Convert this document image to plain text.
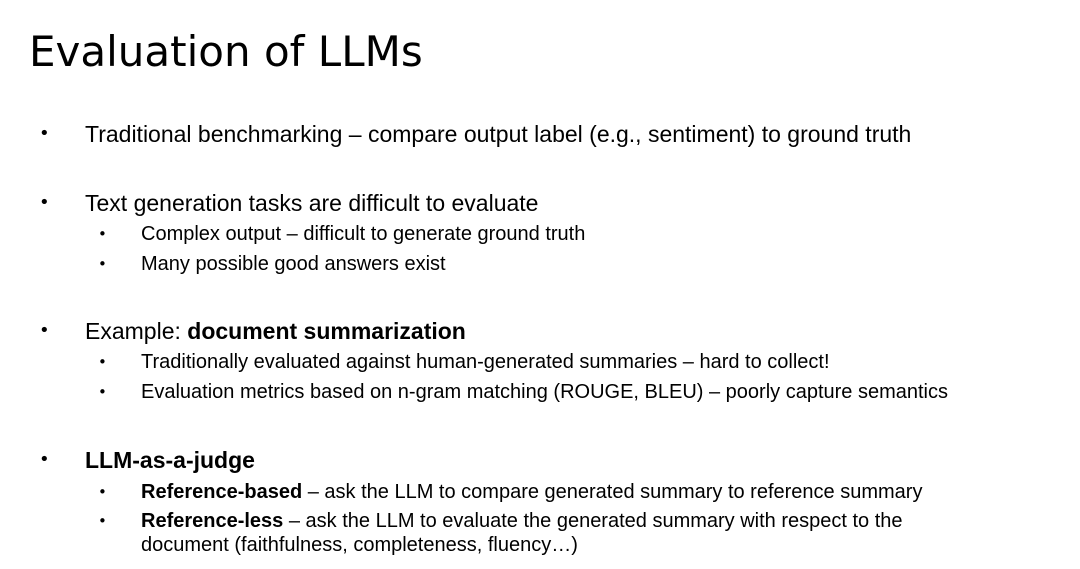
Evaluation of LLMs
• Traditional benchmarking – compare output label (e.g., sentiment) to ground truth
• Text generation tasks are difficult to evaluate
• Complex output – difficult to generate ground truth
• Many possible good answers exist
• Example: document summarization
• Traditionally evaluated against human-generated summaries – hard to collect!
• Evaluation metrics based on n-gram matching (ROUGE, BLEU) – poorly capture semantics
• LLM-as-a-judge
• Reference-based – ask the LLM to compare generated summary to reference summary
• Reference-less – ask the LLM to evaluate the generated summary with respect to the
document (faithfulness, completeness, fluency…)
